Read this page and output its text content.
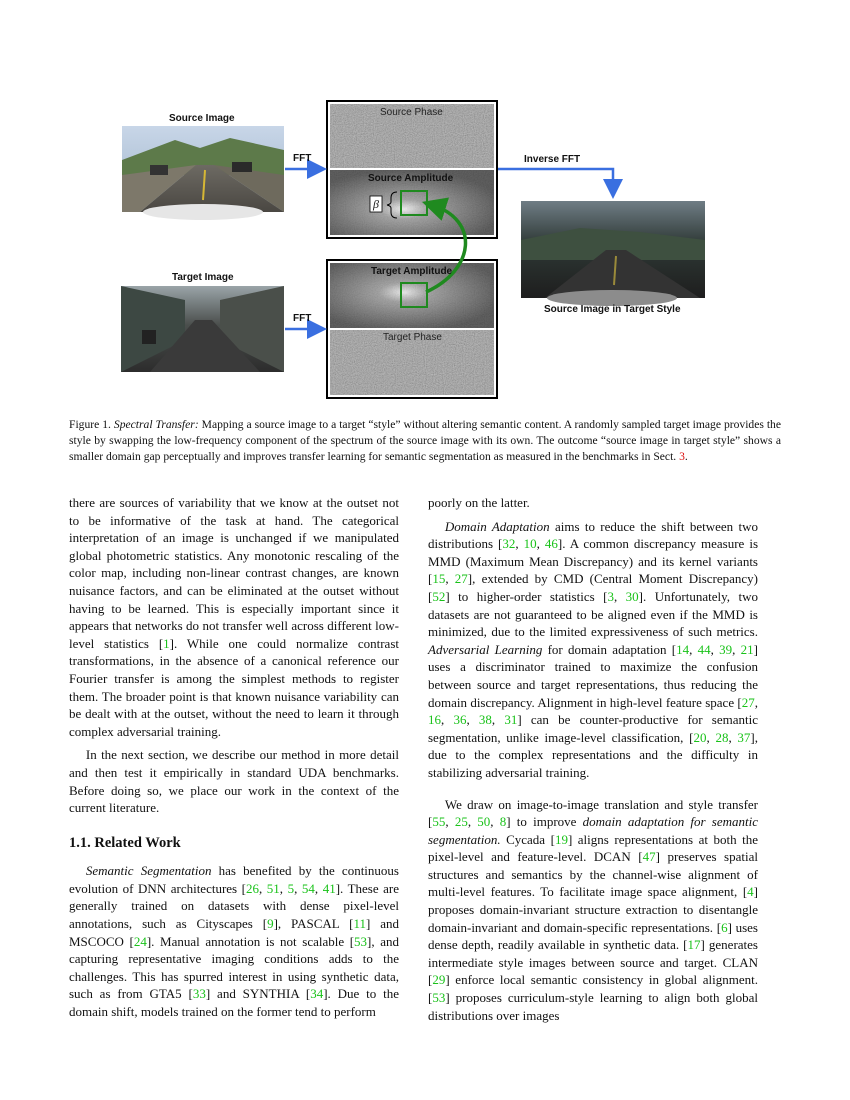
Source Image
Target Image
FFT
FFT
Inverse FFT
Source Phase
Source Amplitude
Target Amplitude
Target Phase
β
Source Image in Target Style
Figure 1. Spectral Transfer: Mapping a source image to a target “style” without altering semantic content. A randomly sampled target image provides the style by swapping the low-frequency component of the spectrum of the source image with its own. The outcome “source image in target style” shows a smaller domain gap perceptually and improves transfer learning for semantic segmentation as measured in the benchmarks in Sect. 3.

there are sources of variability that we know at the outset not to be informative of the task at hand. The categorical interpretation of an image is unchanged if we manipulated global photometric statistics. Any monotonic rescaling of the color map, including non-linear contrast changes, are known nuisance factors, and can be eliminated at the outset without having to be learned. This is especially important since it appears that networks do not transfer well across different low-level statistics [1]. While one could normalize contrast transformations, in the absence of a canonical reference our Fourier transfer is among the simplest methods to register them. The broader point is that known nuisance variability can be dealt with at the outset, without the need to learn it through complex adversarial training.

In the next section, we describe our method in more detail and then test it empirically in standard UDA benchmarks. Before doing so, we place our work in the context of the current literature.

1.1. Related Work

Semantic Segmentation has benefited by the continuous evolution of DNN architectures [26, 51, 5, 54, 41]. These are generally trained on datasets with dense pixel-level annotations, such as Cityscapes [9], PASCAL [11] and MSCOCO [24]. Manual annotation is not scalable [53], and capturing representative imaging conditions adds to the challenges. This has spurred interest in using synthetic data, such as from GTA5 [33] and SYNTHIA [34]. Due to the domain shift, models trained on the former tend to perform

poorly on the latter.

Domain Adaptation aims to reduce the shift between two distributions [32, 10, 46]. A common discrepancy measure is MMD (Maximum Mean Discrepancy) and its kernel variants [15, 27], extended by CMD (Central Moment Discrepancy) [52] to higher-order statistics [3, 30]. Unfortunately, two datasets are not guaranteed to be aligned even if the MMD is minimized, due to the limited expressiveness of such metrics. Adversarial Learning for domain adaptation [14, 44, 39, 21] uses a discriminator trained to maximize the confusion between source and target representations, thus reducing the domain discrepancy. Alignment in high-level feature space [27, 16, 36, 38, 31] can be counter-productive for semantic segmentation, unlike image-level classification, [20, 28, 37], due to the complex representations and the difficulty in stabilizing adversarial training.

We draw on image-to-image translation and style transfer [55, 25, 50, 8] to improve domain adaptation for semantic segmentation. Cycada [19] aligns representations at both the pixel-level and feature-level. DCAN [47] preserves spatial structures and semantics by the channel-wise alignment of multi-level features. To facilitate image space alignment, [4] proposes domain-invariant structure extraction to disentangle domain-invariant and domain-specific representations. [6] uses dense depth, readily available in synthetic data. [17] generates intermediate style images between source and target. CLAN [29] enforce local semantic consistency in global alignment. [53] proposes curriculum-style learning to align both global distributions over images
